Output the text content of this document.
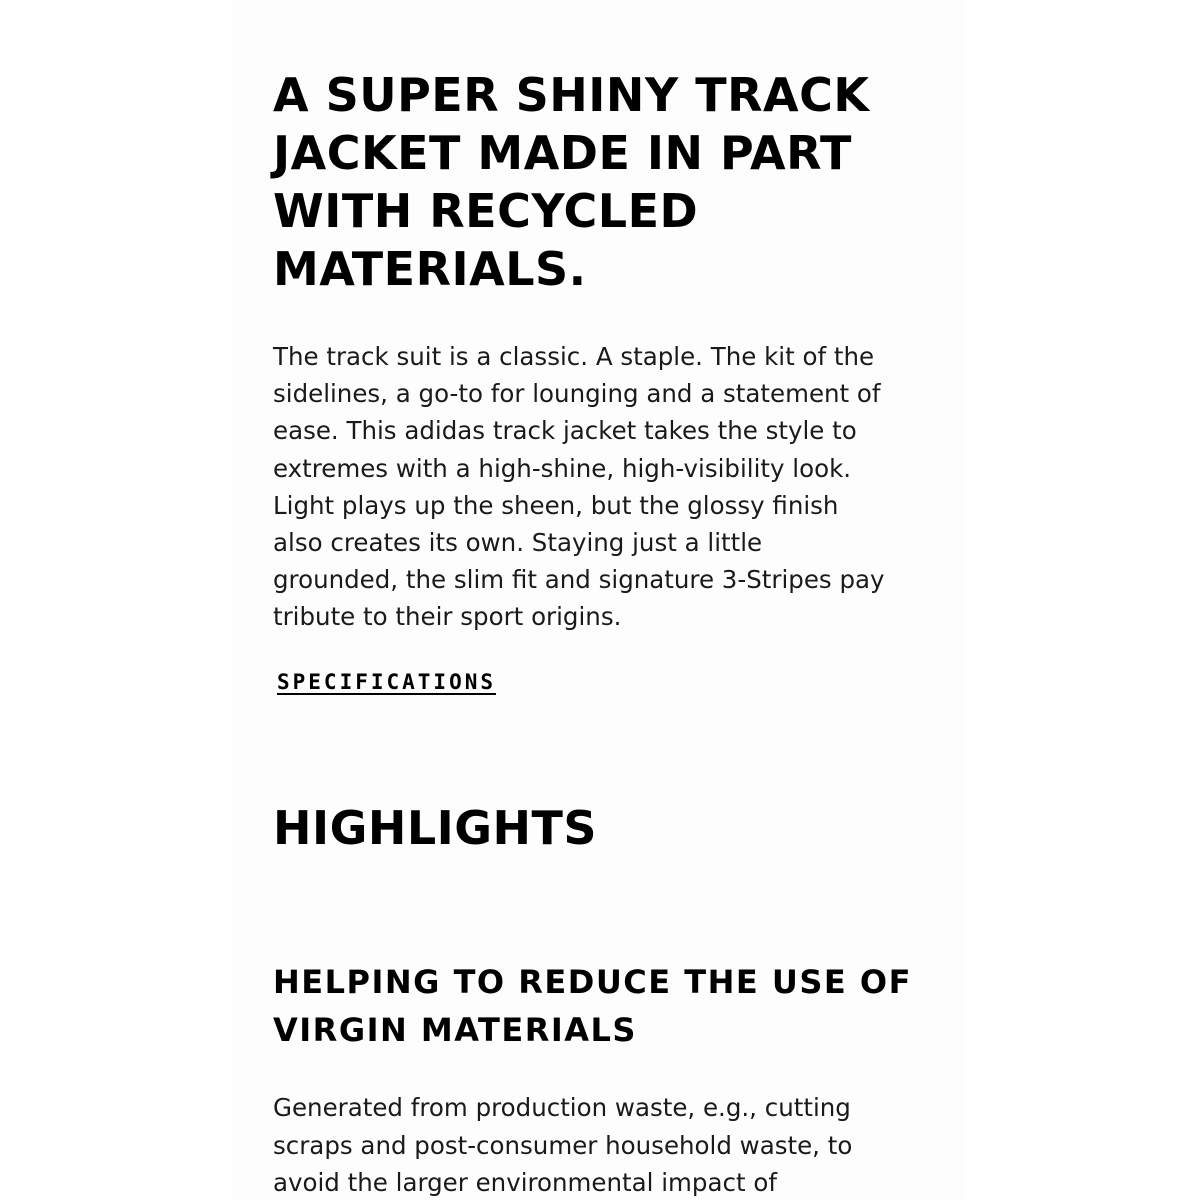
A SUPER SHINY TRACK
JACKET MADE IN PART
WITH RECYCLED
MATERIALS.

The track suit is a classic. A staple. The kit of the
sidelines, a go-to for lounging and a statement of
ease. This adidas track jacket takes the style to
extremes with a high-shine, high-visibility look.
Light plays up the sheen, but the glossy finish
also creates its own. Staying just a little
grounded, the slim fit and signature 3-Stripes pay
tribute to their sport origins.

SPECIFICATIONS
HIGHLIGHTS
HELPING TO REDUCE THE USE OF
VIRGIN MATERIALS

Generated from production waste, e.g., cutting
scraps and post-consumer household waste, to
avoid the larger environmental impact of
